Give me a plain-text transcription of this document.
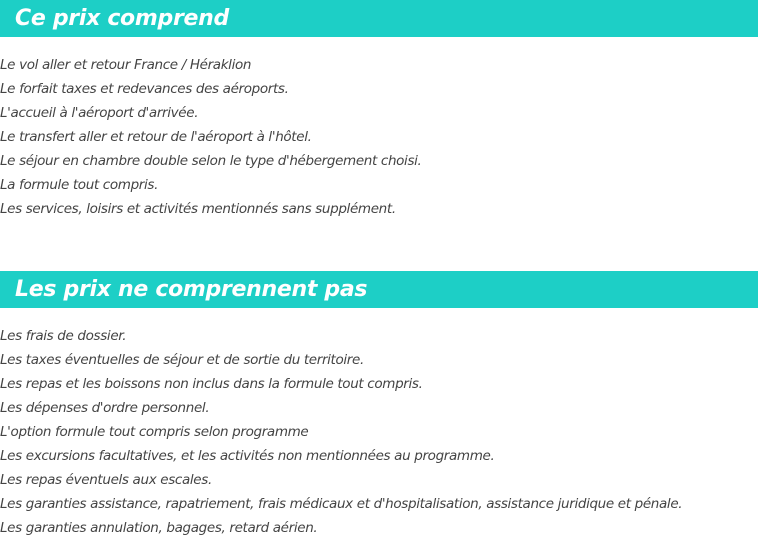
Ce prix comprend
Le vol aller et retour France / Héraklion
Le forfait taxes et redevances des aéroports.
L'accueil à l'aéroport d'arrivée.
Le transfert aller et retour de l'aéroport à l'hôtel.
Le séjour en chambre double selon le type d'hébergement choisi.
La formule tout compris.
Les services, loisirs et activités mentionnés sans supplément.
Les prix ne comprennent pas
Les frais de dossier.
Les taxes éventuelles de séjour et de sortie du territoire.
Les repas et les boissons non inclus dans la formule tout compris.
Les dépenses d'ordre personnel.
L'option formule tout compris selon programme
Les excursions facultatives, et les activités non mentionnées au programme.
Les repas éventuels aux escales.
Les garanties assistance, rapatriement, frais médicaux et d'hospitalisation, assistance juridique et pénale.
Les garanties annulation, bagages, retard aérien.
